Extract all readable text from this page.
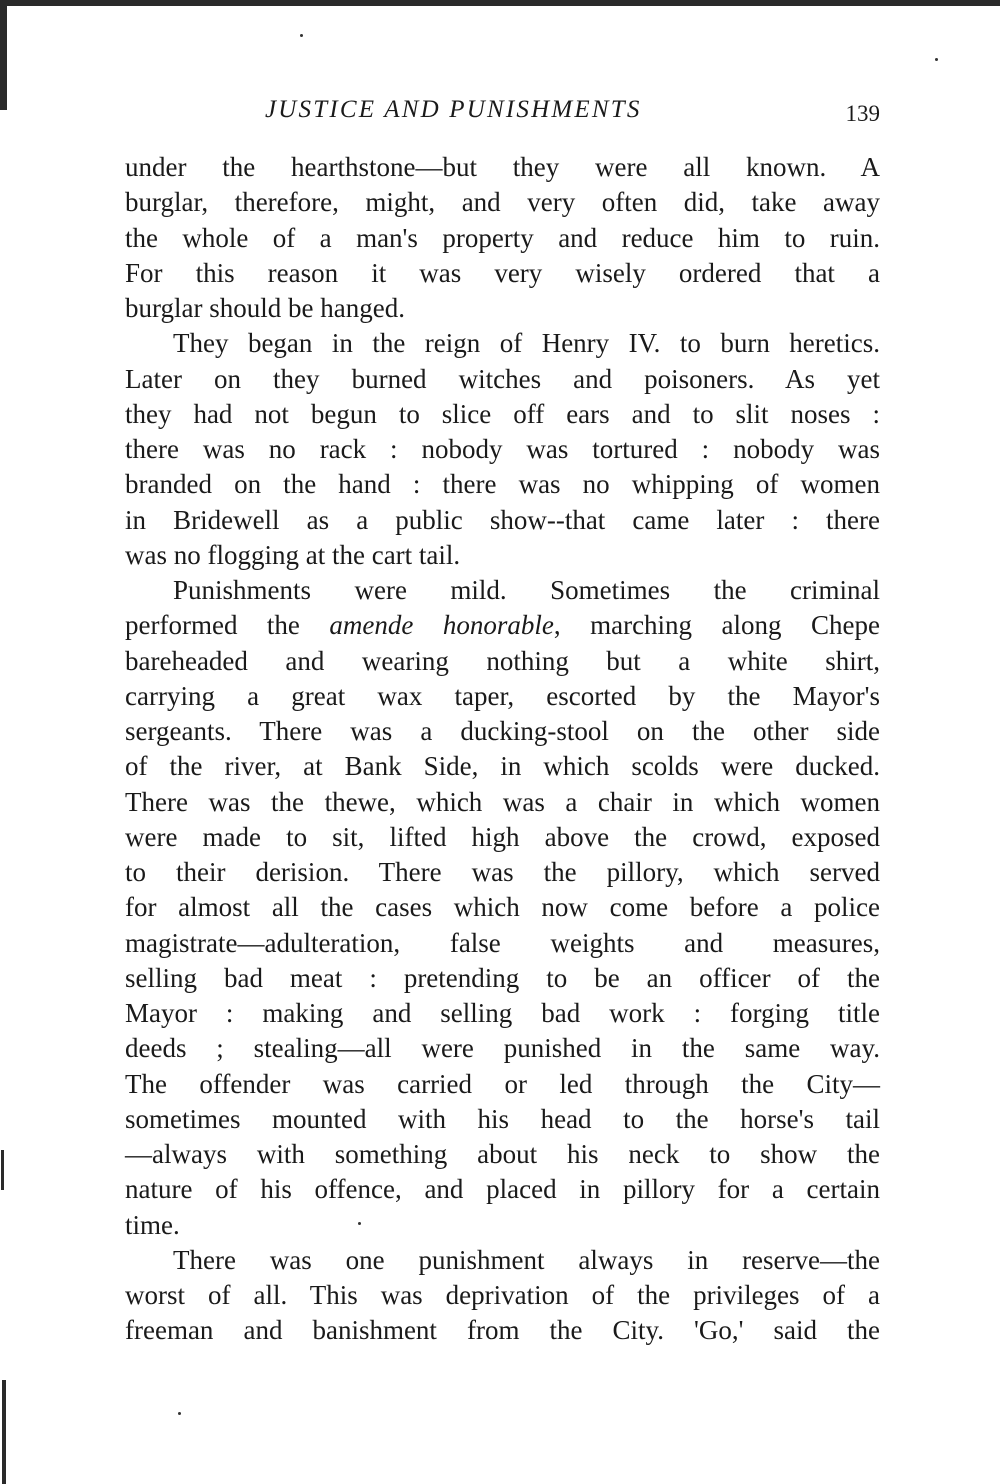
JUSTICE AND PUNISHMENTS	139
under the hearthstone—but they were all known. A
burglar, therefore, might, and very often did, take away
the whole of a man's property and reduce him to ruin.
For this reason it was very wisely ordered that a
burglar should be hanged.
They began in the reign of Henry IV. to burn heretics.
Later on they burned witches and poisoners. As yet
they had not begun to slice off ears and to slit noses :
there was no rack : nobody was tortured : nobody was
branded on the hand : there was no whipping of women
in Bridewell as a public show--that came later : there
was no flogging at the cart tail.
Punishments were mild. Sometimes the criminal
performed the amende honorable, marching along Chepe
bareheaded and wearing nothing but a white shirt,
carrying a great wax taper, escorted by the Mayor's
sergeants. There was a ducking-stool on the other side
of the river, at Bank Side, in which scolds were ducked.
There was the thewe, which was a chair in which women
were made to sit, lifted high above the crowd, exposed
to their derision. There was the pillory, which served
for almost all the cases which now come before a police
magistrate—adulteration, false weights and measures,
selling bad meat : pretending to be an officer of the
Mayor : making and selling bad work : forging title
deeds ; stealing—all were punished in the same way.
The offender was carried or led through the City—
sometimes mounted with his head to the horse's tail
—always with something about his neck to show the
nature of his offence, and placed in pillory for a certain
time.
There was one punishment always in reserve—the
worst of all. This was deprivation of the privileges of a
freeman and banishment from the City. 'Go,' said the
